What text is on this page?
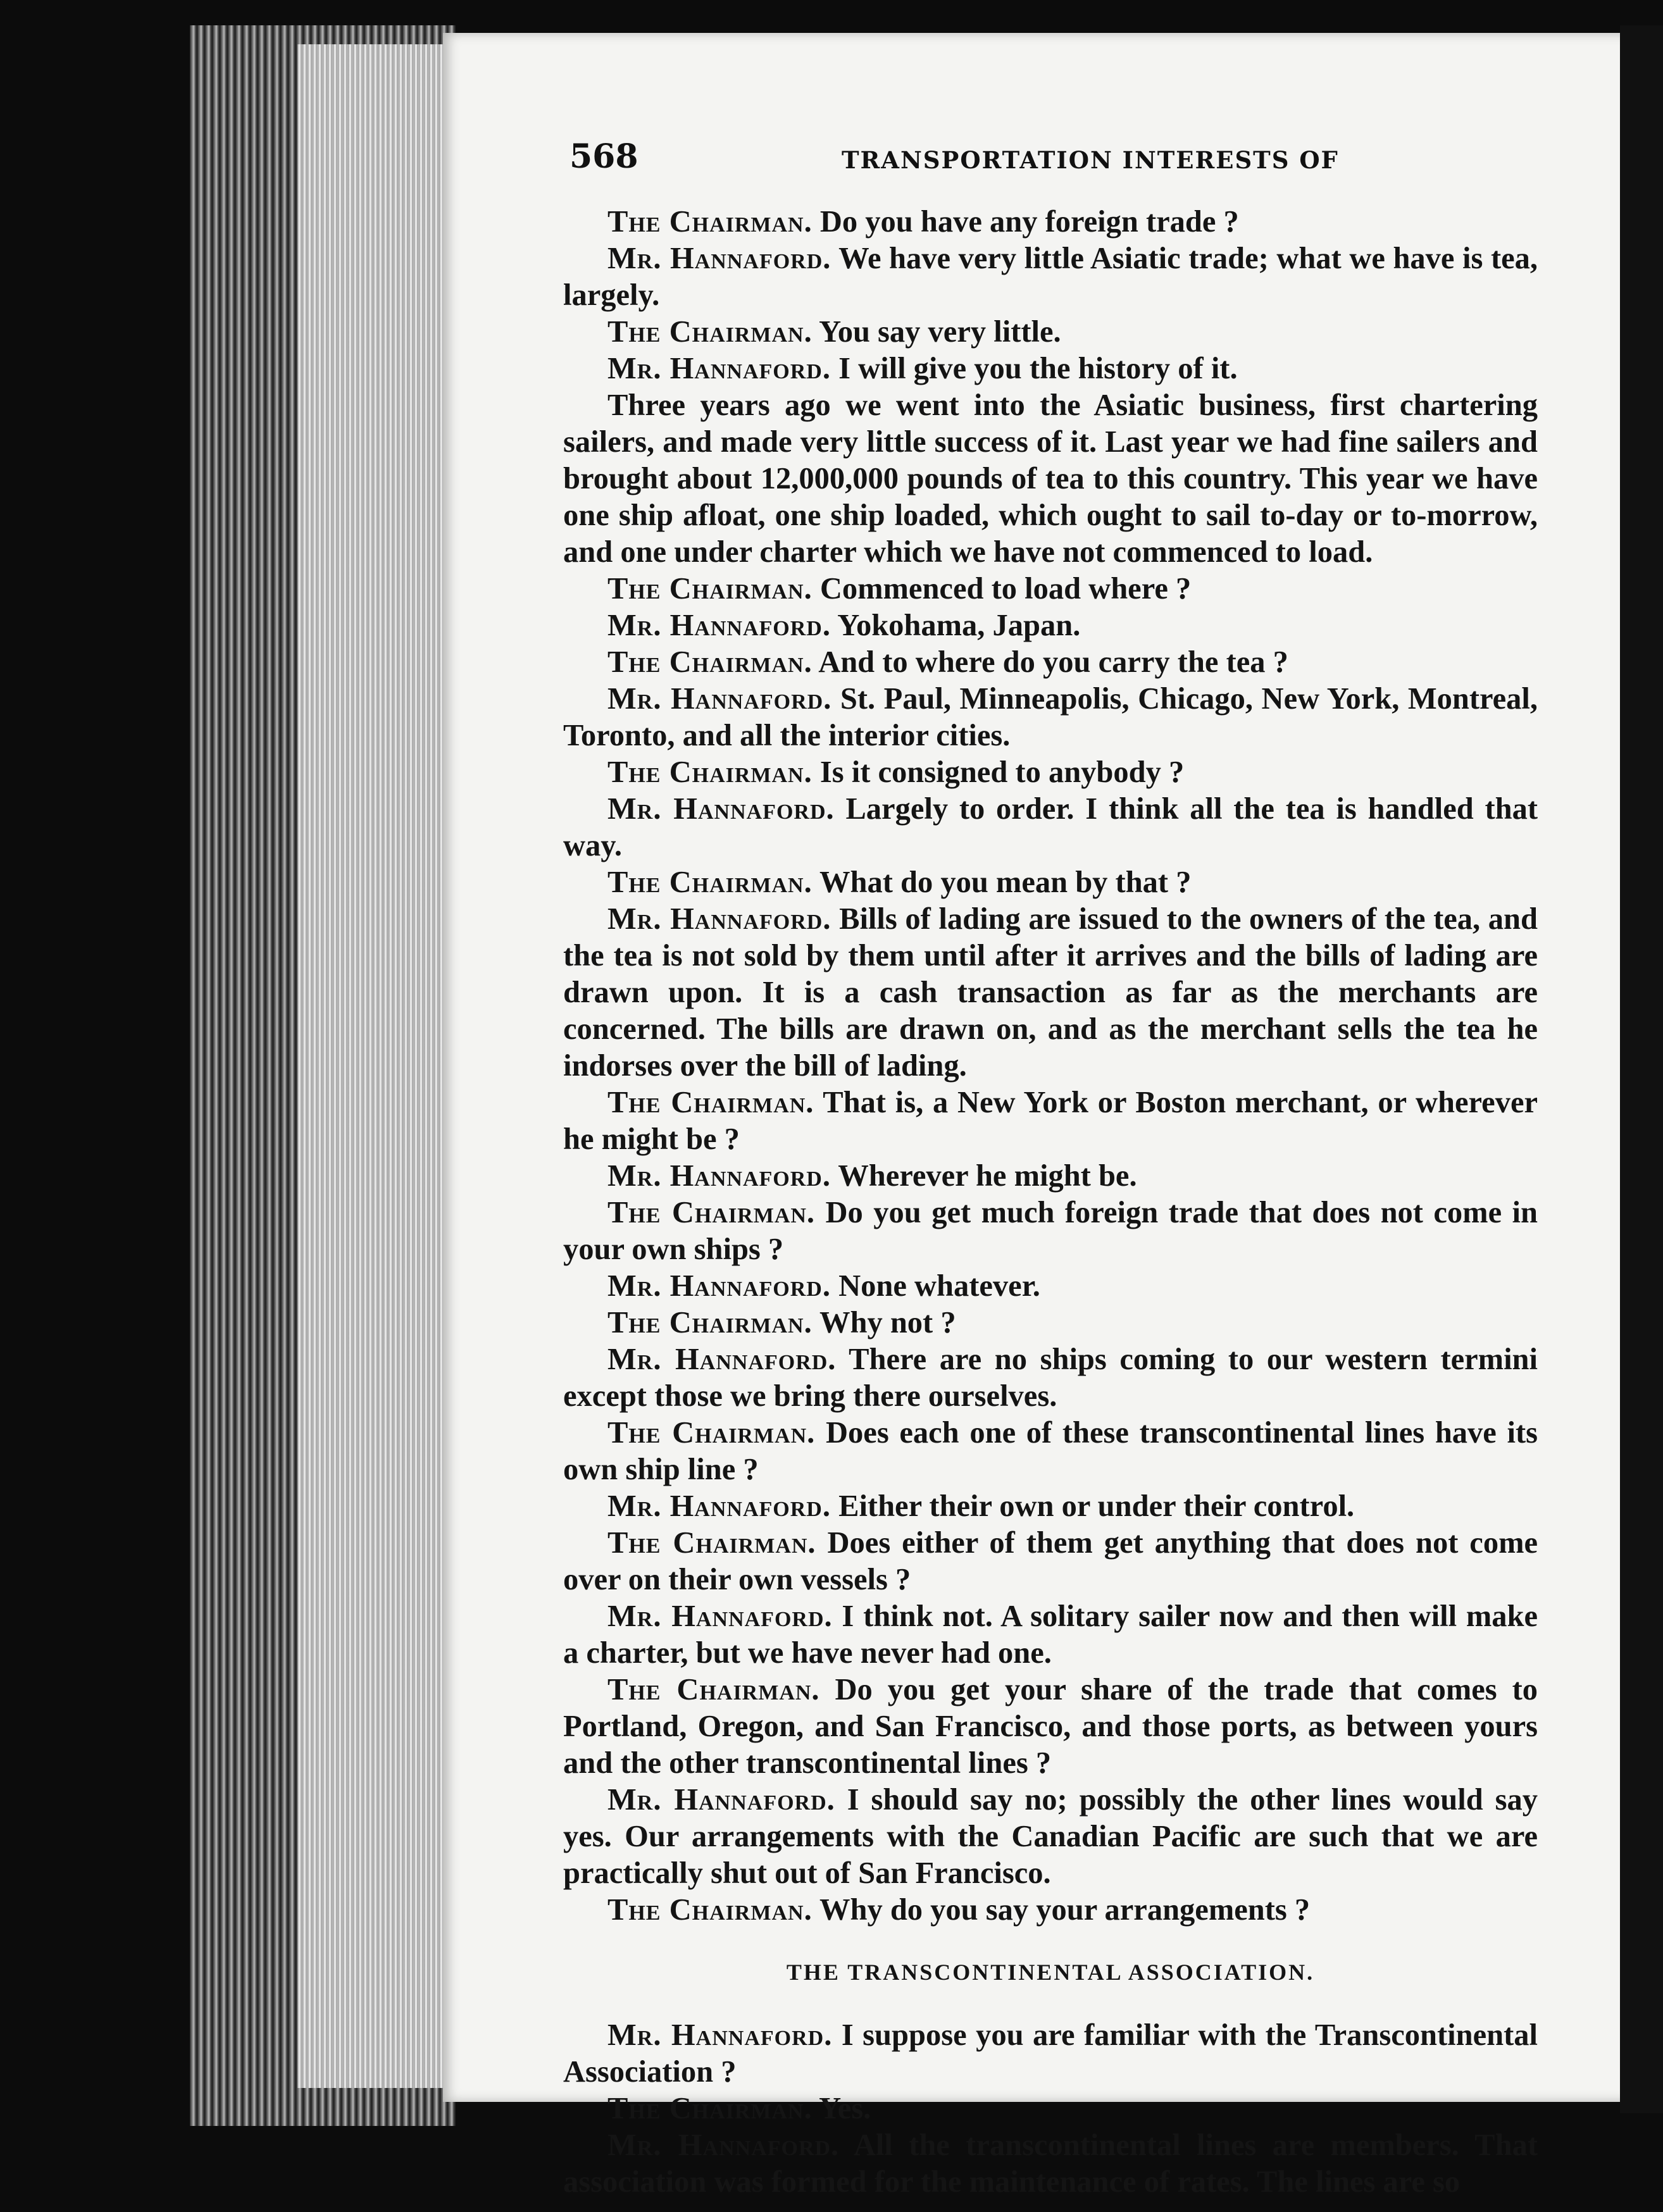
568	TRANSPORTATION INTERESTS OF

The Chairman. Do you have any foreign trade ?

Mr. Hannaford. We have very little Asiatic trade; what we have is tea, largely.

The Chairman. You say very little.

Mr. Hannaford. I will give you the history of it.

Three years ago we went into the Asiatic business, first chartering sailers, and made very little success of it. Last year we had fine sailers and brought about 12,000,000 pounds of tea to this country. This year we have one ship afloat, one ship loaded, which ought to sail to-day or to-morrow, and one under charter which we have not commenced to load.

The Chairman. Commenced to load where ?

Mr. Hannaford. Yokohama, Japan.

The Chairman. And to where do you carry the tea ?

Mr. Hannaford. St. Paul, Minneapolis, Chicago, New York, Montreal, Toronto, and all the interior cities.

The Chairman. Is it consigned to anybody ?

Mr. Hannaford. Largely to order. I think all the tea is handled that way.

The Chairman. What do you mean by that ?

Mr. Hannaford. Bills of lading are issued to the owners of the tea, and the tea is not sold by them until after it arrives and the bills of lading are drawn upon. It is a cash transaction as far as the merchants are concerned. The bills are drawn on, and as the merchant sells the tea he indorses over the bill of lading.

The Chairman. That is, a New York or Boston merchant, or wherever he might be ?

Mr. Hannaford. Wherever he might be.

The Chairman. Do you get much foreign trade that does not come in your own ships ?

Mr. Hannaford. None whatever.

The Chairman. Why not ?

Mr. Hannaford. There are no ships coming to our western termini except those we bring there ourselves.

The Chairman. Does each one of these transcontinental lines have its own ship line ?

Mr. Hannaford. Either their own or under their control.

The Chairman. Does either of them get anything that does not come over on their own vessels ?

Mr. Hannaford. I think not. A solitary sailer now and then will make a charter, but we have never had one.

The Chairman. Do you get your share of the trade that comes to Portland, Oregon, and San Francisco, and those ports, as between yours and the other transcontinental lines ?

Mr. Hannaford. I should say no; possibly the other lines would say yes. Our arrangements with the Canadian Pacific are such that we are practically shut out of San Francisco.

The Chairman. Why do you say your arrangements ?

THE TRANSCONTINENTAL ASSOCIATION.

Mr. Hannaford. I suppose you are familiar with the Transcontinental Association ?

The Chairman. Yes.

Mr. Hannaford. All the transcontinental lines are members. That association was formed for the maintenance of rates. The lines are so
